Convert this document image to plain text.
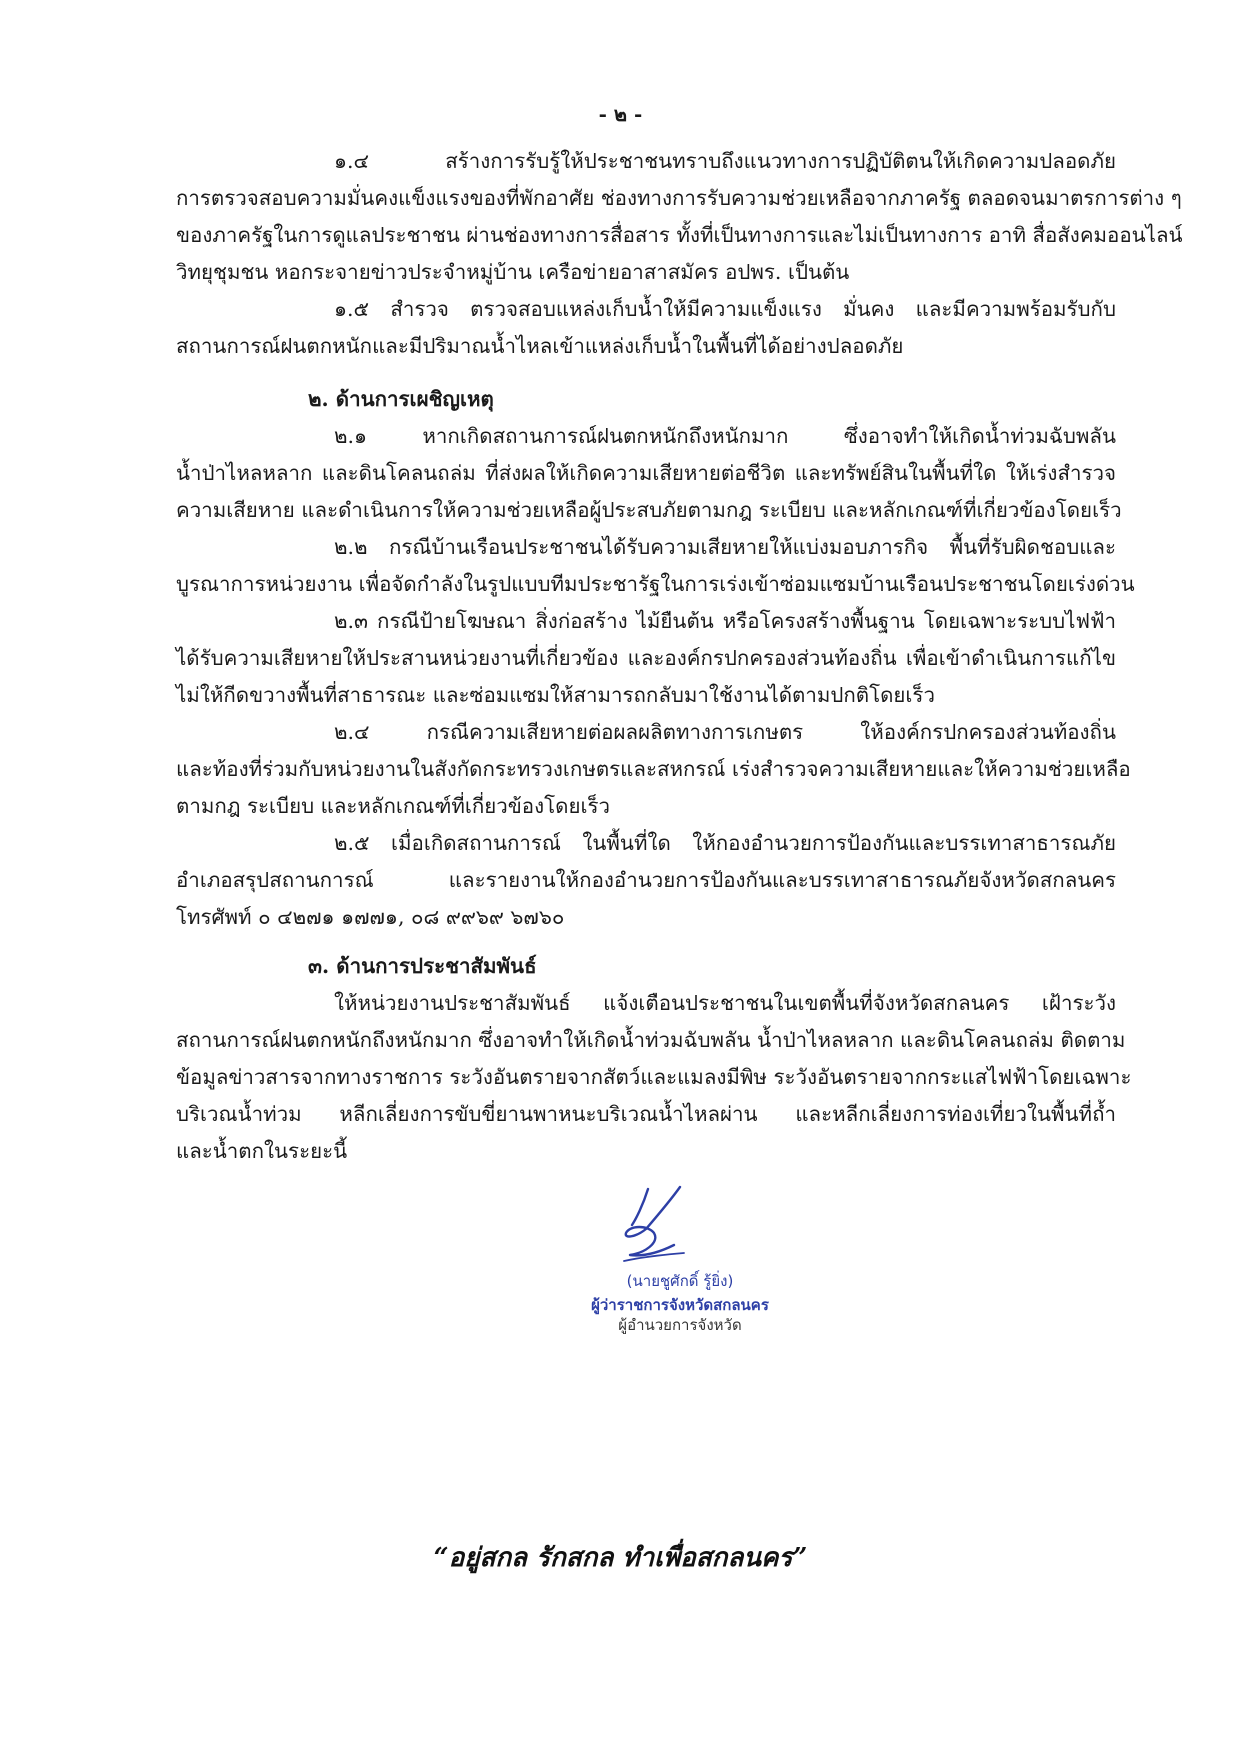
- ๒ -
๑.๔ สร้างการรับรู้ให้ประชาชนทราบถึงแนวทางการปฏิบัติตนให้เกิดความปลอดภัย
การตรวจสอบความมั่นคงแข็งแรงของที่พักอาศัย ช่องทางการรับความช่วยเหลือจากภาครัฐ ตลอดจนมาตรการต่าง ๆ
ของภาครัฐในการดูแลประชาชน ผ่านช่องทางการสื่อสาร ทั้งที่เป็นทางการและไม่เป็นทางการ อาทิ สื่อสังคมออนไลน์
วิทยุชุมชน หอกระจายข่าวประจำหมู่บ้าน เครือข่ายอาสาสมัคร อปพร. เป็นต้น
๑.๕ สำรวจ ตรวจสอบแหล่งเก็บน้ำให้มีความแข็งแรง มั่นคง และมีความพร้อมรับกับ
สถานการณ์ฝนตกหนักและมีปริมาณน้ำไหลเข้าแหล่งเก็บน้ำในพื้นที่ได้อย่างปลอดภัย
๒. ด้านการเผชิญเหตุ
๒.๑ หากเกิดสถานการณ์ฝนตกหนักถึงหนักมาก ซึ่งอาจทำให้เกิดน้ำท่วมฉับพลัน
น้ำป่าไหลหลาก และดินโคลนถล่ม ที่ส่งผลให้เกิดความเสียหายต่อชีวิต และทรัพย์สินในพื้นที่ใด ให้เร่งสำรวจ
ความเสียหาย และดำเนินการให้ความช่วยเหลือผู้ประสบภัยตามกฎ ระเบียบ และหลักเกณฑ์ที่เกี่ยวข้องโดยเร็ว
๒.๒ กรณีบ้านเรือนประชาชนได้รับความเสียหายให้แบ่งมอบภารกิจ พื้นที่รับผิดชอบและ
บูรณาการหน่วยงาน เพื่อจัดกำลังในรูปแบบทีมประชารัฐในการเร่งเข้าซ่อมแซมบ้านเรือนประชาชนโดยเร่งด่วน
๒.๓ กรณีป้ายโฆษณา สิ่งก่อสร้าง ไม้ยืนต้น หรือโครงสร้างพื้นฐาน โดยเฉพาะระบบไฟฟ้า
ได้รับความเสียหายให้ประสานหน่วยงานที่เกี่ยวข้อง และองค์กรปกครองส่วนท้องถิ่น เพื่อเข้าดำเนินการแก้ไข
ไม่ให้กีดขวางพื้นที่สาธารณะ และซ่อมแซมให้สามารถกลับมาใช้งานได้ตามปกติโดยเร็ว
๒.๔ กรณีความเสียหายต่อผลผลิตทางการเกษตร ให้องค์กรปกครองส่วนท้องถิ่น
และท้องที่ร่วมกับหน่วยงานในสังกัดกระทรวงเกษตรและสหกรณ์ เร่งสำรวจความเสียหายและให้ความช่วยเหลือ
ตามกฎ ระเบียบ และหลักเกณฑ์ที่เกี่ยวข้องโดยเร็ว
๒.๕ เมื่อเกิดสถานการณ์ ในพื้นที่ใด ให้กองอำนวยการป้องกันและบรรเทาสาธารณภัย
อำเภอสรุปสถานการณ์ และรายงานให้กองอำนวยการป้องกันและบรรเทาสาธารณภัยจังหวัดสกลนคร
โทรศัพท์ ๐ ๔๒๗๑ ๑๗๗๑, ๐๘ ๙๙๖๙ ๖๗๖๐
๓. ด้านการประชาสัมพันธ์
ให้หน่วยงานประชาสัมพันธ์ แจ้งเตือนประชาชนในเขตพื้นที่จังหวัดสกลนคร เฝ้าระวัง
สถานการณ์ฝนตกหนักถึงหนักมาก ซึ่งอาจทำให้เกิดน้ำท่วมฉับพลัน น้ำป่าไหลหลาก และดินโคลนถล่ม ติดตาม
ข้อมูลข่าวสารจากทางราชการ ระวังอันตรายจากสัตว์และแมลงมีพิษ ระวังอันตรายจากกระแสไฟฟ้าโดยเฉพาะ
บริเวณน้ำท่วม หลีกเลี่ยงการขับขี่ยานพาหนะบริเวณน้ำไหลผ่าน และหลีกเลี่ยงการท่องเที่ยวในพื้นที่ถ้ำ
และน้ำตกในระยะนี้
(นายชูศักดิ์ รู้ยิ่ง)
ผู้ว่าราชการจังหวัดสกลนคร
ผู้อำนวยการจังหวัด
“อยู่สกล รักสกล ทำเพื่อสกลนคร”
